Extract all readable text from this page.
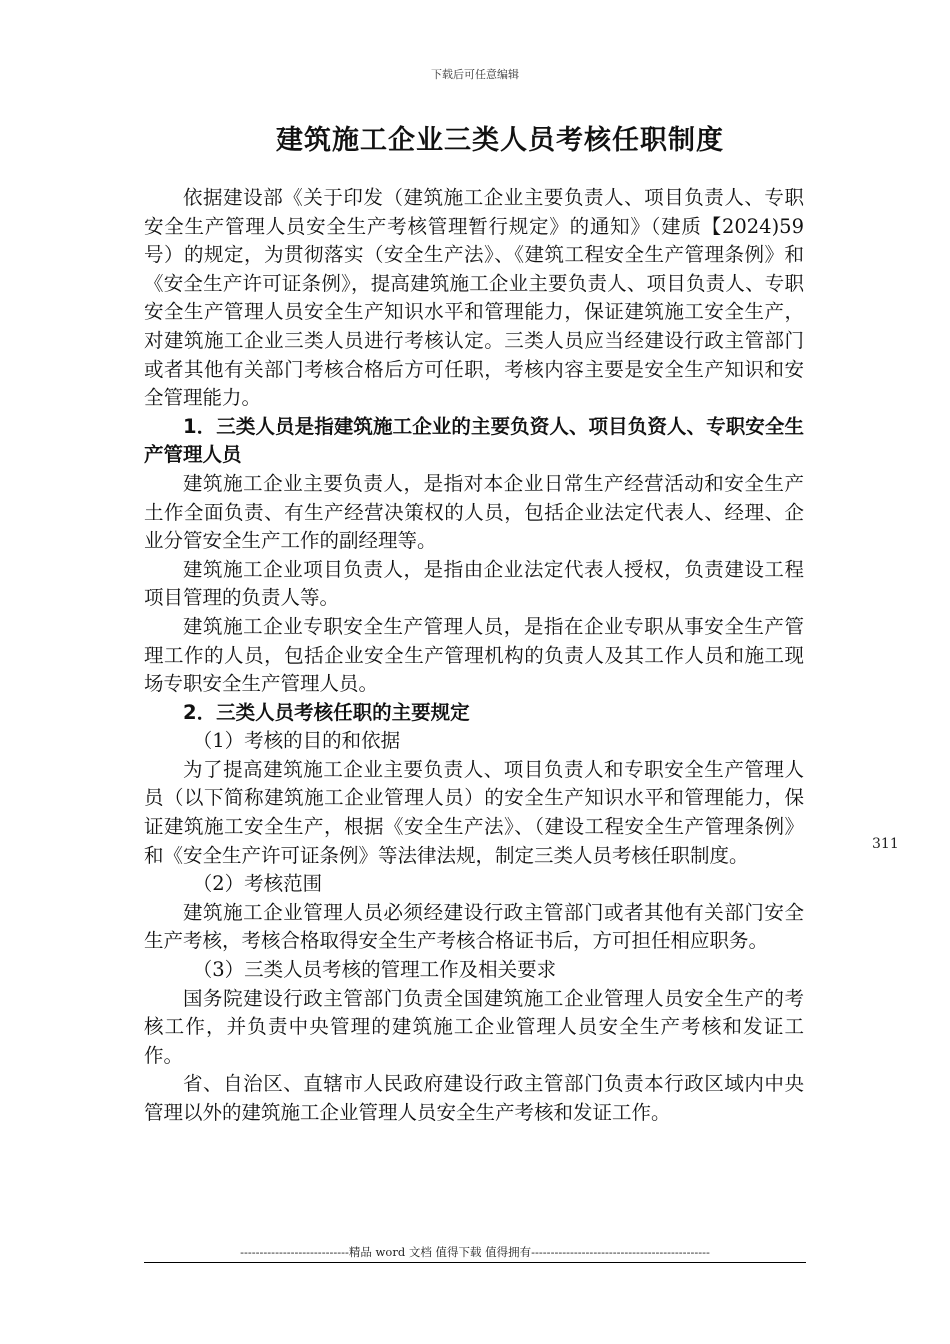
下载后可任意编辑
建筑施工企业三类人员考核任职制度

依据建设部《关于印发（建筑施工企业主要负责人、项目负责人、专职安全生产管理人员安全生产考核管理暂行规定》的通知》（建质【2024)59号）的规定，为贯彻落实（安全生产法》、《建筑工程安全生产管理条例》和《安全生产许可证条例》，提高建筑施工企业主要负责人、项目负责人、专职安全生产管理人员安全生产知识水平和管理能力，保证建筑施工安全生产，对建筑施工企业三类人员进行考核认定。三类人员应当经建设行政主管部门或者其他有关部门考核合格后方可任职，考核内容主要是安全生产知识和安全管理能力。

1．三类人员是指建筑施工企业的主要负资人、项目负资人、专职安全生产管理人员

建筑施工企业主要负责人，是指对本企业日常生产经营活动和安全生产土作全面负责、有生产经营决策权的人员，包括企业法定代表人、经理、企业分管安全生产工作的副经理等。

建筑施工企业项目负责人，是指由企业法定代表人授权，负责建设工程项目管理的负责人等。

建筑施工企业专职安全生产管理人员，是指在企业专职从事安全生产管理工作的人员，包括企业安全生产管理机构的负责人及其工作人员和施工现场专职安全生产管理人员。

2．三类人员考核任职的主要规定

（1）考核的目的和依据

为了提高建筑施工企业主要负责人、项目负责人和专职安全生产管理人员（以下简称建筑施工企业管理人员）的安全生产知识水平和管理能力，保证建筑施工安全生产，根据《安全生产法》、（建设工程安全生产管理条例》和《安全生产许可证条例》等法律法规，制定三类人员考核任职制度。

（2）考核范围

建筑施工企业管理人员必须经建设行政主管部门或者其他有关部门安全生产考核，考核合格取得安全生产考核合格证书后，方可担任相应职务。

（3）三类人员考核的管理工作及相关要求

国务院建设行政主管部门负责全国建筑施工企业管理人员安全生产的考核工作，并负责中央管理的建筑施工企业管理人员安全生产考核和发证工作。

省、自治区、直辖市人民政府建设行政主管部门负责本行政区域内中央管理以外的建筑施工企业管理人员安全生产考核和发证工作。

311
----------------------------精品 word 文档 值得下载 值得拥有----------------------------------------------
